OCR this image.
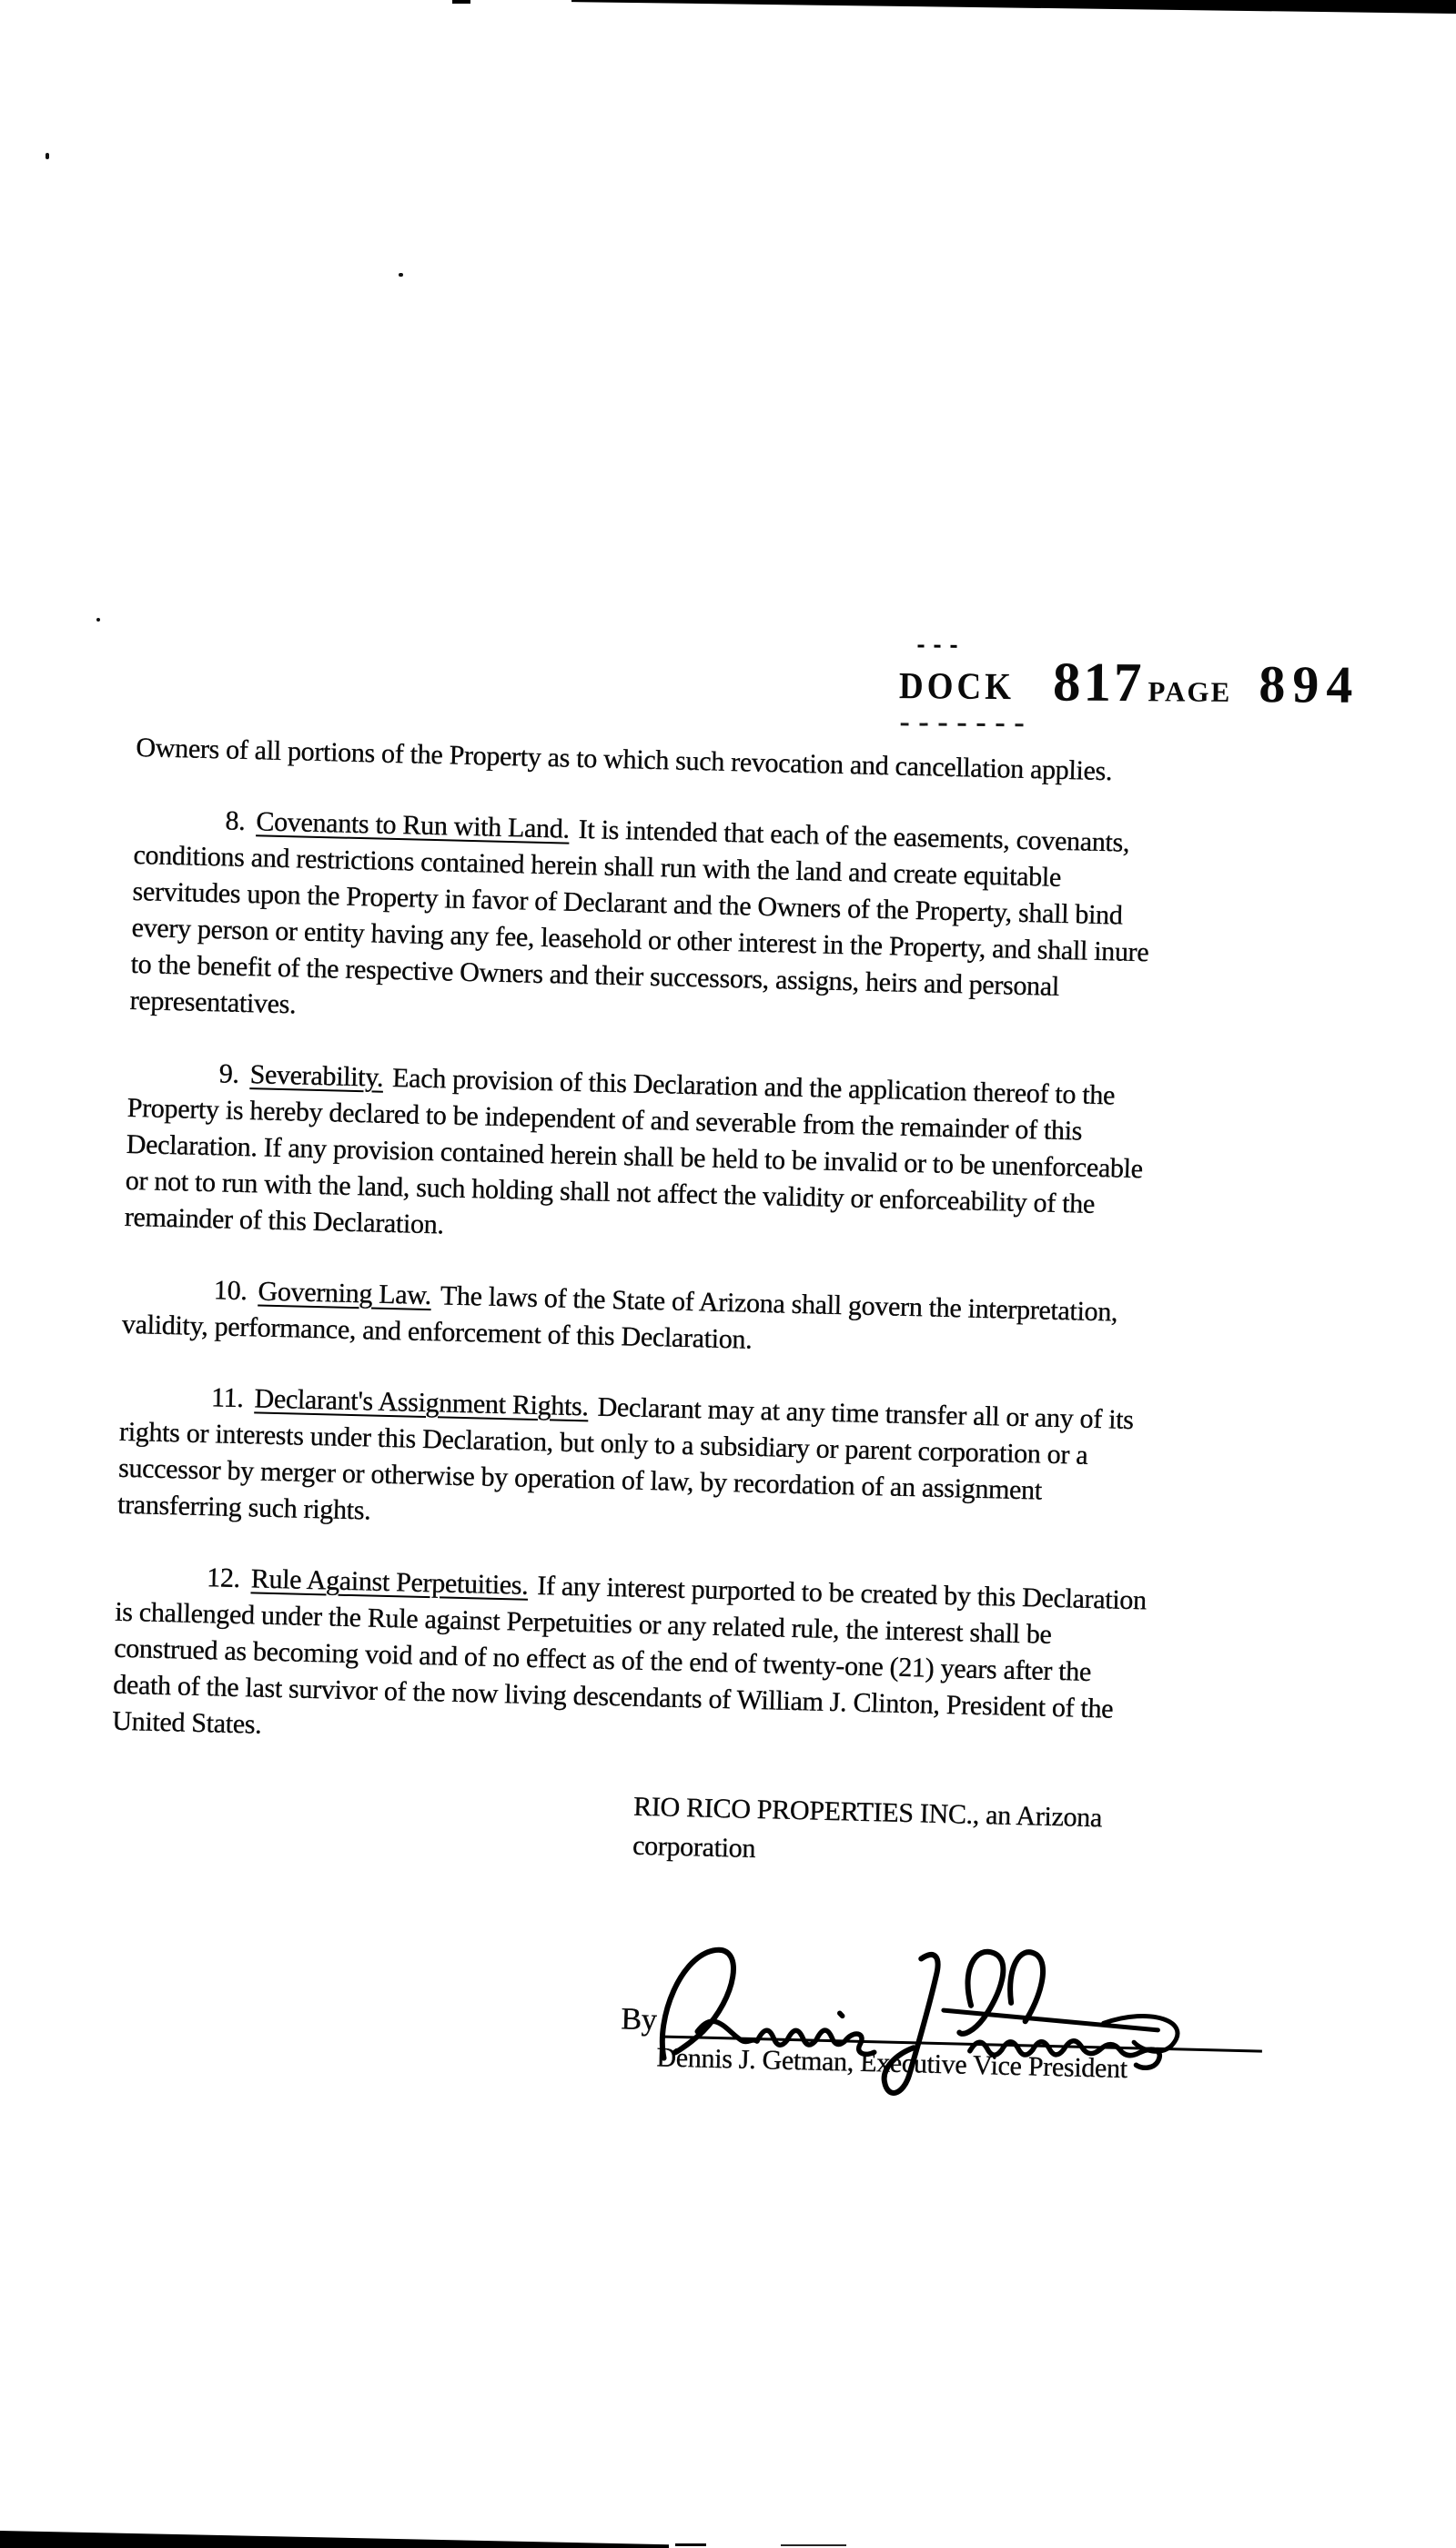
DOCK 817 PAGE 894

Owners of all portions of the Property as to which such revocation and cancellation applies.

8. Covenants to Run with Land. It is intended that each of the easements, covenants,
conditions and restrictions contained herein shall run with the land and create equitable
servitudes upon the Property in favor of Declarant and the Owners of the Property, shall bind
every person or entity having any fee, leasehold or other interest in the Property, and shall inure
to the benefit of the respective Owners and their successors, assigns, heirs and personal
representatives.

9. Severability. Each provision of this Declaration and the application thereof to the
Property is hereby declared to be independent of and severable from the remainder of this
Declaration. If any provision contained herein shall be held to be invalid or to be unenforceable
or not to run with the land, such holding shall not affect the validity or enforceability of the
remainder of this Declaration.

10. Governing Law. The laws of the State of Arizona shall govern the interpretation,
validity, performance, and enforcement of this Declaration.

11. Declarant's Assignment Rights. Declarant may at any time transfer all or any of its
rights or interests under this Declaration, but only to a subsidiary or parent corporation or a
successor by merger or otherwise by operation of law, by recordation of an assignment
transferring such rights.

12. Rule Against Perpetuities. If any interest purported to be created by this Declaration
is challenged under the Rule against Perpetuities or any related rule, the interest shall be
construed as becoming void and of no effect as of the end of twenty-one (21) years after the
death of the last survivor of the now living descendants of William J. Clinton, President of the
United States.

RIO RICO PROPERTIES INC., an Arizona
corporation
By
Dennis J. Getman, Executive Vice President
